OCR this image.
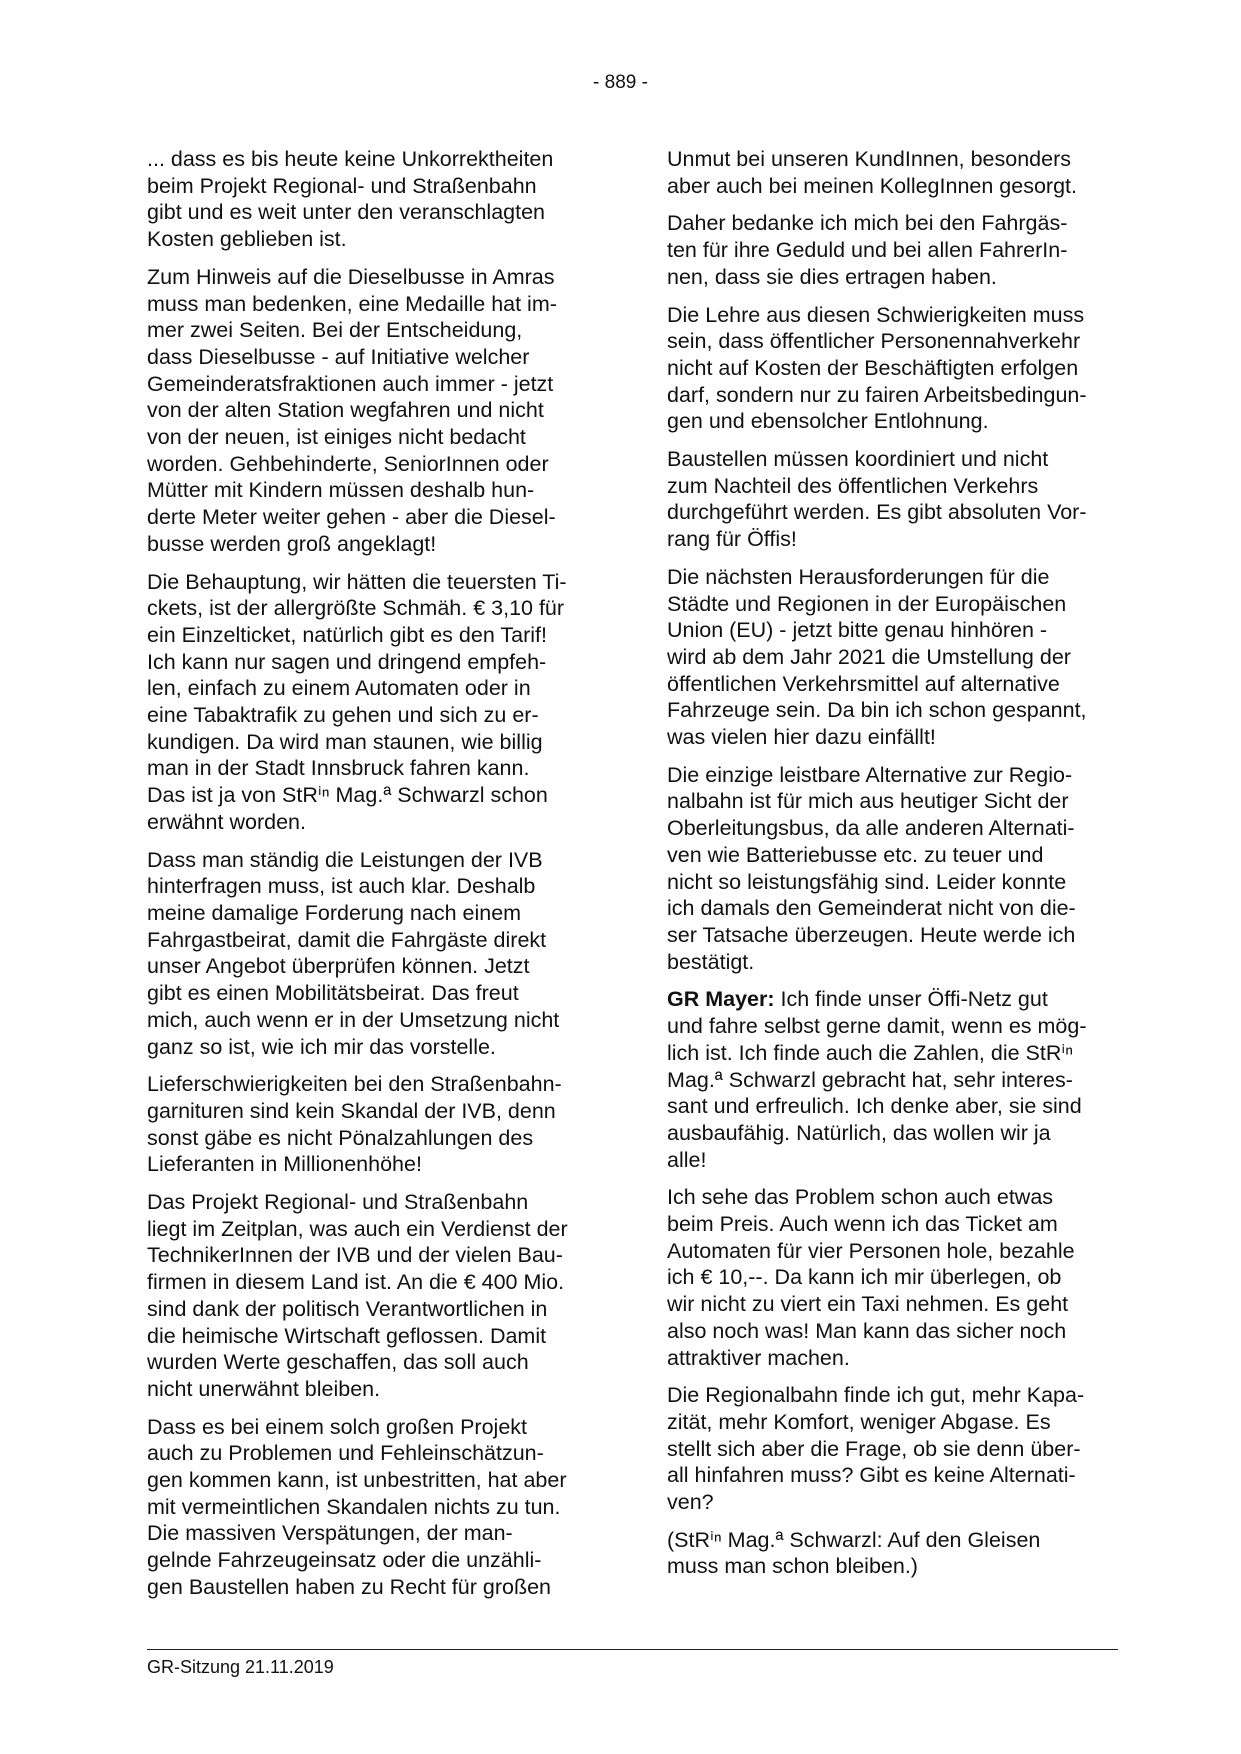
- 889 -

... dass es bis heute keine Unkorrektheiten
beim Projekt Regional- und Straßenbahn
gibt und es weit unter den veranschlagten
Kosten geblieben ist.

Zum Hinweis auf die Dieselbusse in Amras
muss man bedenken, eine Medaille hat im-
mer zwei Seiten. Bei der Entscheidung,
dass Dieselbusse - auf Initiative welcher
Gemeinderatsfraktionen auch immer - jetzt
von der alten Station wegfahren und nicht
von der neuen, ist einiges nicht bedacht
worden. Gehbehinderte, SeniorInnen oder
Mütter mit Kindern müssen deshalb hun-
derte Meter weiter gehen - aber die Diesel-
busse werden groß angeklagt!

Die Behauptung, wir hätten die teuersten Ti-
ckets, ist der allergrößte Schmäh. € 3,10 für
ein Einzelticket, natürlich gibt es den Tarif!
Ich kann nur sagen und dringend empfeh-
len, einfach zu einem Automaten oder in
eine Tabaktrafik zu gehen und sich zu er-
kundigen. Da wird man staunen, wie billig
man in der Stadt Innsbruck fahren kann.
Das ist ja von StRⁱⁿ Mag.ª Schwarzl schon
erwähnt worden.

Dass man ständig die Leistungen der IVB
hinterfragen muss, ist auch klar. Deshalb
meine damalige Forderung nach einem
Fahrgastbeirat, damit die Fahrgäste direkt
unser Angebot überprüfen können. Jetzt
gibt es einen Mobilitätsbeirat. Das freut
mich, auch wenn er in der Umsetzung nicht
ganz so ist, wie ich mir das vorstelle.

Lieferschwierigkeiten bei den Straßenbahn-
garnituren sind kein Skandal der IVB, denn
sonst gäbe es nicht Pönalzahlungen des
Lieferanten in Millionenhöhe!

Das Projekt Regional- und Straßenbahn
liegt im Zeitplan, was auch ein Verdienst der
TechnikerInnen der IVB und der vielen Bau-
firmen in diesem Land ist. An die € 400 Mio.
sind dank der politisch Verantwortlichen in
die heimische Wirtschaft geflossen. Damit
wurden Werte geschaffen, das soll auch
nicht unerwähnt bleiben.

Dass es bei einem solch großen Projekt
auch zu Problemen und Fehleinschätzun-
gen kommen kann, ist unbestritten, hat aber
mit vermeintlichen Skandalen nichts zu tun.
Die massiven Verspätungen, der man-
gelnde Fahrzeugeinsatz oder die unzähli-
gen Baustellen haben zu Recht für großen

Unmut bei unseren KundInnen, besonders
aber auch bei meinen KollegInnen gesorgt.

Daher bedanke ich mich bei den Fahrgäs-
ten für ihre Geduld und bei allen FahrerIn-
nen, dass sie dies ertragen haben.

Die Lehre aus diesen Schwierigkeiten muss
sein, dass öffentlicher Personennahverkehr
nicht auf Kosten der Beschäftigten erfolgen
darf, sondern nur zu fairen Arbeitsbedingun-
gen und ebensolcher Entlohnung.

Baustellen müssen koordiniert und nicht
zum Nachteil des öffentlichen Verkehrs
durchgeführt werden. Es gibt absoluten Vor-
rang für Öffis!

Die nächsten Herausforderungen für die
Städte und Regionen in der Europäischen
Union (EU) - jetzt bitte genau hinhören -
wird ab dem Jahr 2021 die Umstellung der
öffentlichen Verkehrsmittel auf alternative
Fahrzeuge sein. Da bin ich schon gespannt,
was vielen hier dazu einfällt!

Die einzige leistbare Alternative zur Regio-
nalbahn ist für mich aus heutiger Sicht der
Oberleitungsbus, da alle anderen Alternati-
ven wie Batteriebusse etc. zu teuer und
nicht so leistungsfähig sind. Leider konnte
ich damals den Gemeinderat nicht von die-
ser Tatsache überzeugen. Heute werde ich
bestätigt.

GR Mayer: Ich finde unser Öffi-Netz gut
und fahre selbst gerne damit, wenn es mög-
lich ist. Ich finde auch die Zahlen, die StRⁱⁿ
Mag.ª Schwarzl gebracht hat, sehr interes-
sant und erfreulich. Ich denke aber, sie sind
ausbaufähig. Natürlich, das wollen wir ja
alle!

Ich sehe das Problem schon auch etwas
beim Preis. Auch wenn ich das Ticket am
Automaten für vier Personen hole, bezahle
ich € 10,--. Da kann ich mir überlegen, ob
wir nicht zu viert ein Taxi nehmen. Es geht
also noch was! Man kann das sicher noch
attraktiver machen.

Die Regionalbahn finde ich gut, mehr Kapa-
zität, mehr Komfort, weniger Abgase. Es
stellt sich aber die Frage, ob sie denn über-
all hinfahren muss? Gibt es keine Alternati-
ven?

(StRⁱⁿ Mag.ª Schwarzl: Auf den Gleisen
muss man schon bleiben.)

GR-Sitzung 21.11.2019
